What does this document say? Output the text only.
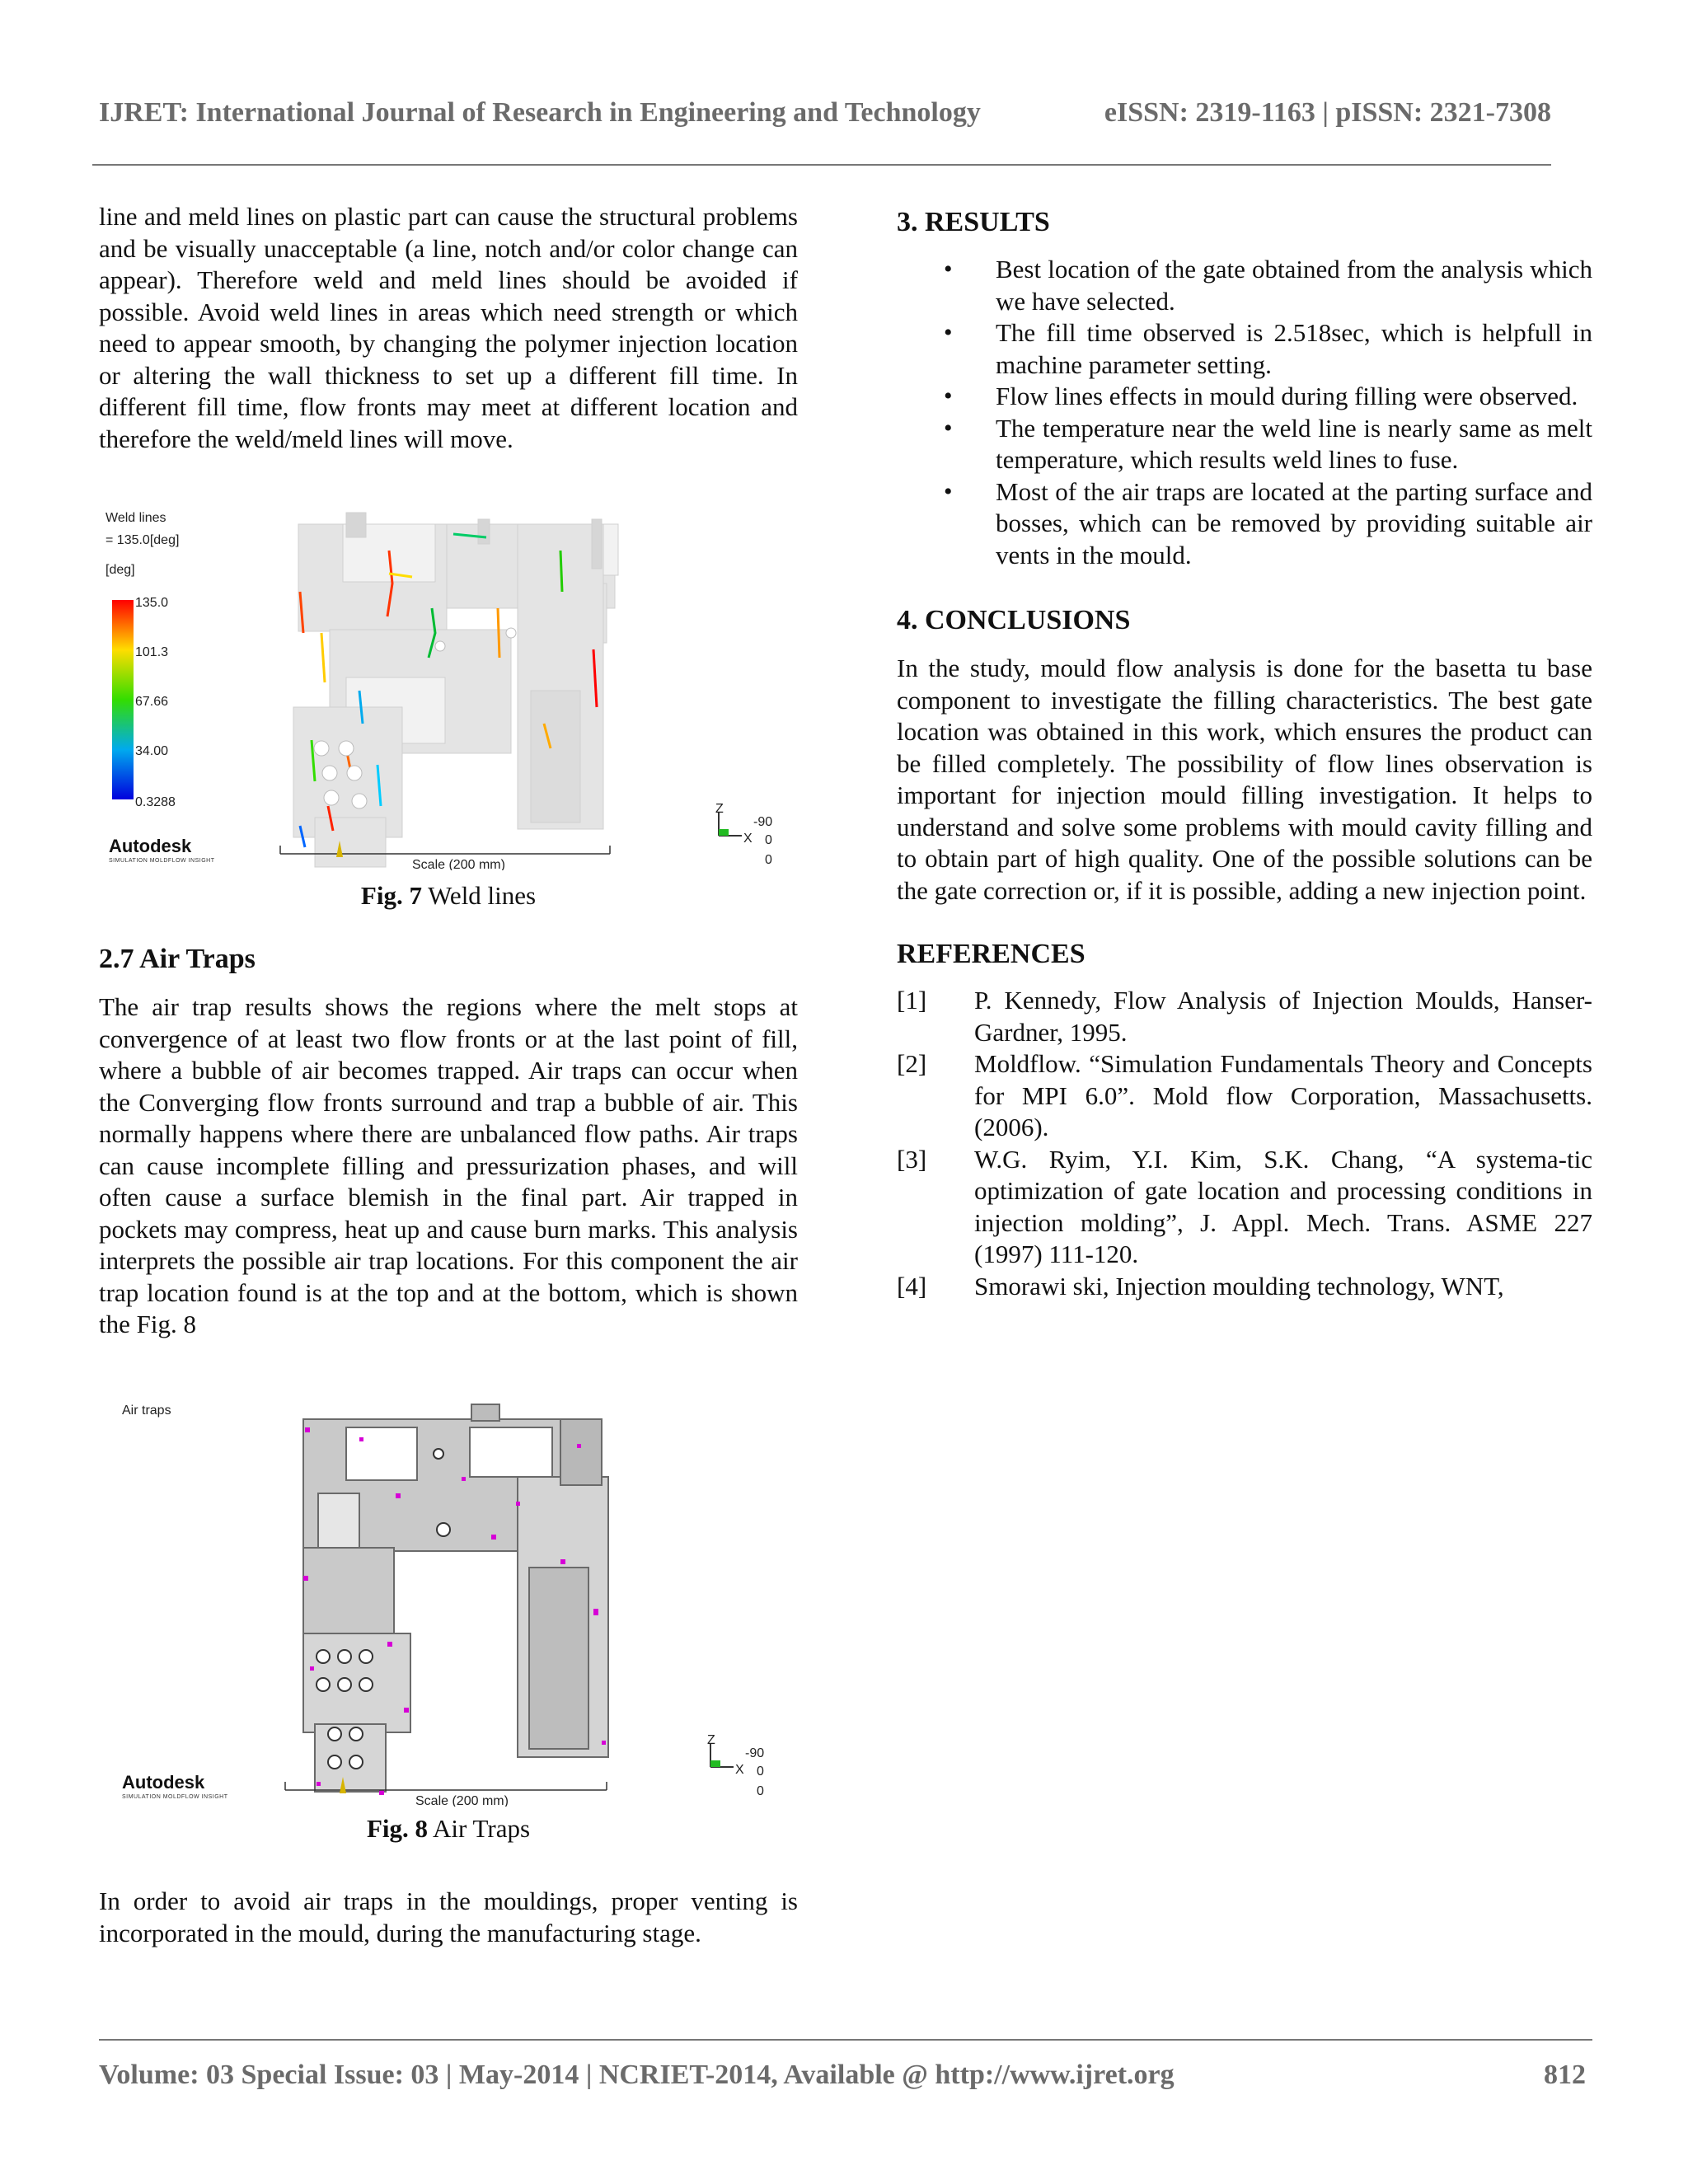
IJRET: International Journal of Research in Engineering and Technology	eISSN: 2319-1163 | pISSN: 2321-7308

line and meld lines on plastic part can cause the structural problems and be visually unacceptable (a line, notch and/or color change can appear). Therefore weld and meld lines should be avoided if possible. Avoid weld lines in areas which need strength or which need to appear smooth, by changing the polymer injection location or altering the wall thickness to set up a different fill time. In different fill time, flow fronts may meet at different location and therefore the weld/meld lines will move.

Weld lines
= 135.0[deg]
[deg]
135.0
101.3
67.66
34.00
0.3288
Autodesk
SIMULATION MOLDFLOW INSIGHT	Scale (200 mm)
Z
X
-90
0
0
Fig. 7 Weld lines
2.7 Air Traps

The air trap results shows the regions where the melt stops at convergence of at least two flow fronts or at the last point of fill, where a bubble of air becomes trapped. Air traps can occur when the Converging flow fronts surround and trap a bubble of air. This normally happens where there are unbalanced flow paths. Air traps can cause incomplete filling and pressurization phases, and will often cause a surface blemish in the final part. Air trapped in pockets may compress, heat up and cause burn marks. This analysis interprets the possible air trap locations. For this component the air trap location found is at the top and at the bottom, which is shown the Fig. 8

Air traps
Autodesk
SIMULATION MOLDFLOW INSIGHT	Scale (200 mm)
Z
X
-90
0
0
Fig. 8 Air Traps

In order to avoid air traps in the mouldings, proper venting is incorporated in the mould, during the manufacturing stage.

3. RESULTS
• Best location of the gate obtained from the analysis which we have selected.
• The fill time observed is 2.518sec, which is helpfull in machine parameter setting.
• Flow lines effects in mould during filling were observed.
• The temperature near the weld line is nearly same as melt temperature, which results weld lines to fuse.
• Most of the air traps are located at the parting surface and bosses, which can be removed by providing suitable air vents in the mould.
4. CONCLUSIONS

In the study, mould flow analysis is done for the basetta tu base component to investigate the filling characteristics. The best gate location was obtained in this work, which ensures the product can be filled completely. The possibility of flow lines observation is important for injection mould filling investigation. It helps to understand and solve some problems with mould cavity filling and to obtain part of high quality. One of the possible solutions can be the gate correction or, if it is possible, adding a new injection point.

REFERENCES
[1] P. Kennedy, Flow Analysis of Injection Moulds, Hanser- Gardner, 1995.
[2] Moldflow. “Simulation Fundamentals Theory and Concepts for MPI 6.0”. Mold flow Corporation, Massachusetts. (2006).
[3] W.G. Ryim, Y.I. Kim, S.K. Chang, “A systema-tic optimization of gate location and processing conditions in injection molding”, J. Appl. Mech. Trans. ASME 227 (1997) 111-120.
[4] Smorawi ski, Injection moulding technology, WNT,
Volume: 03 Special Issue: 03 | May-2014 | NCRIET-2014, Available @ http://www.ijret.org	812
